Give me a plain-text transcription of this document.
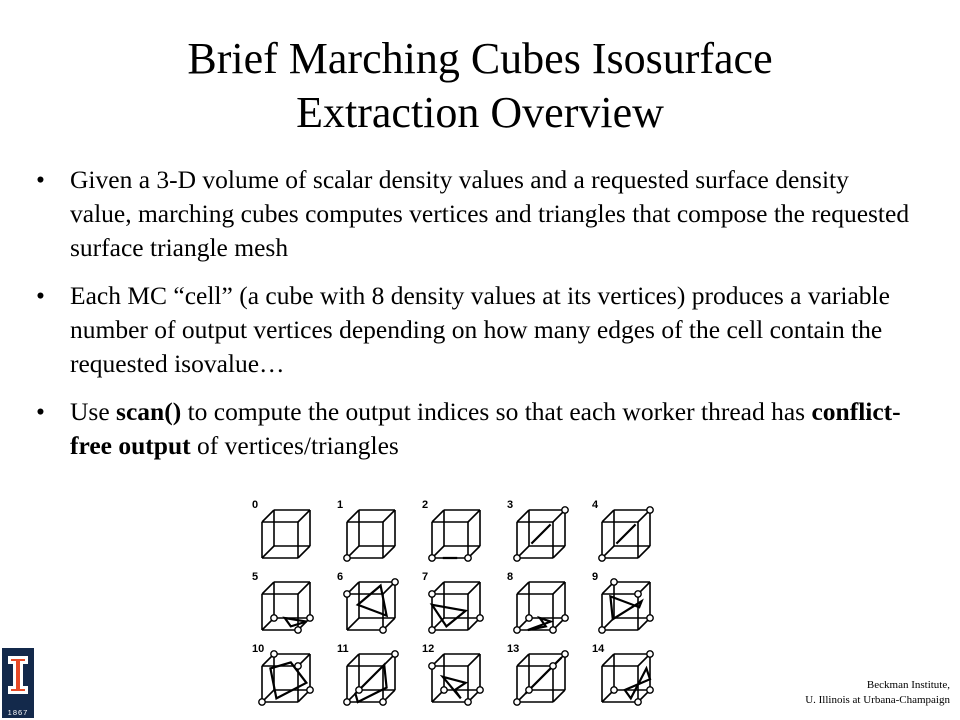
Brief Marching Cubes Isosurface
Extraction Overview
• Given a 3-D volume of scalar density values and a requested surface density value, marching cubes computes vertices and triangles that compose the requested surface triangle mesh
• Each MC “cell” (a cube with 8 density values at its vertices) produces a variable number of output vertices depending on how many edges of the cell contain the requested isovalue…
• Use scan() to compute the output indices so that each worker thread has conflict-free output of vertices/triangles
0	1	2	3	4
5	6	7	8	9
10	11	12	13	14
1867
Beckman Institute,
U. Illinois at Urbana-Champaign
